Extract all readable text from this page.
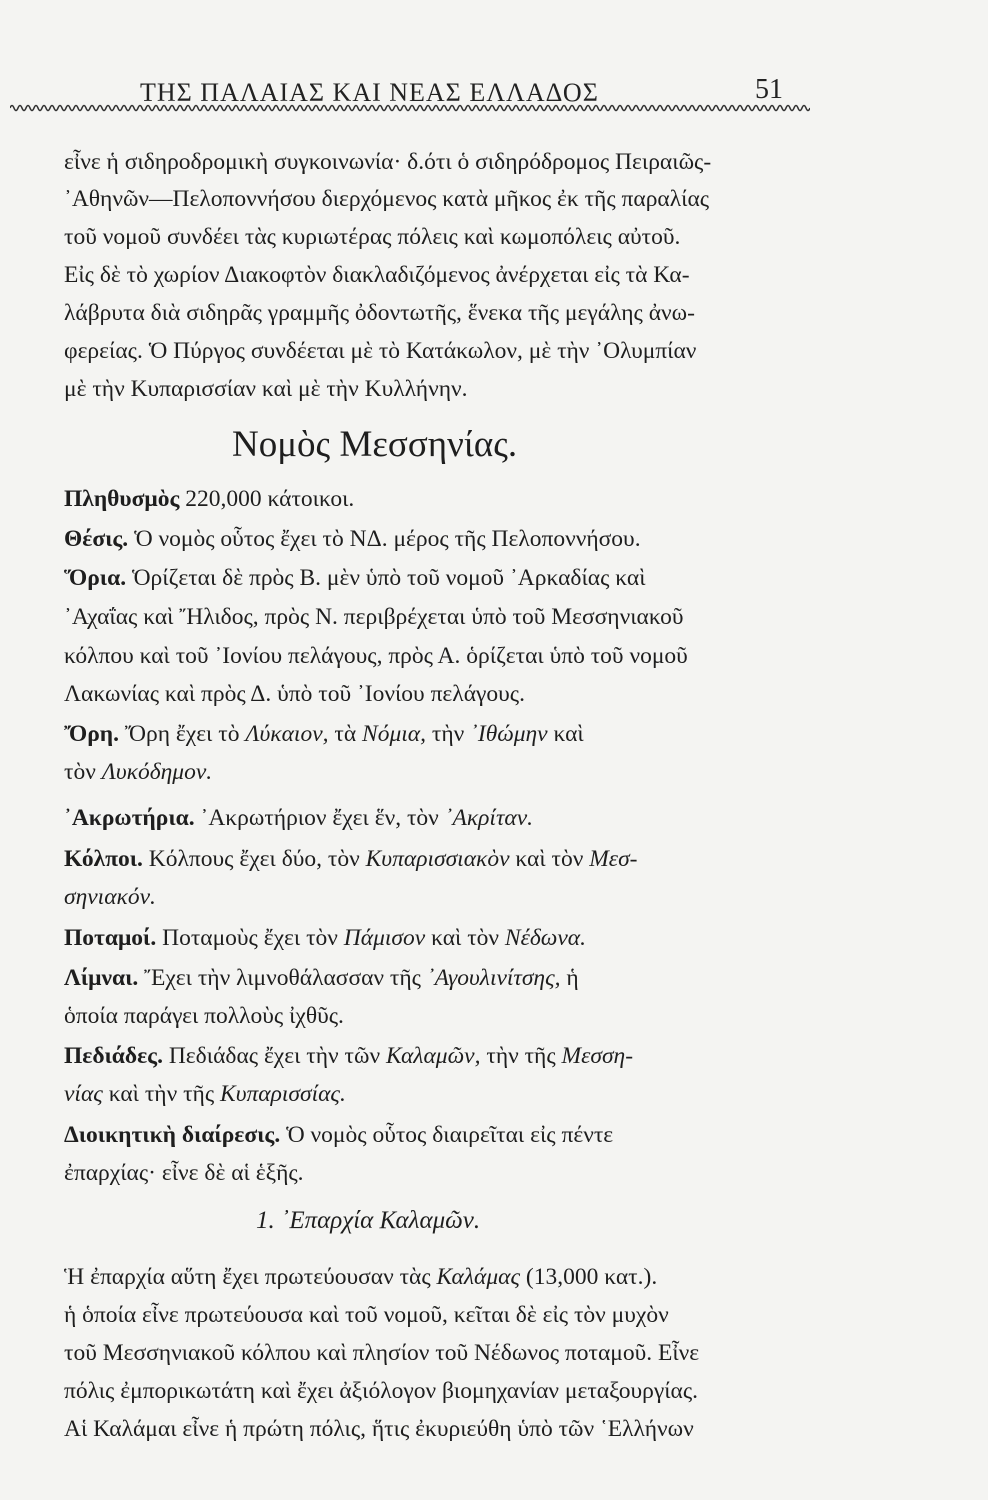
ΤΗΣ ΠΑΛΑΙΑΣ ΚΑΙ ΝΕΑΣ ΕΛΛΑΔΟΣ	51
εἶνε ἡ σιδηροδρομικὴ συγκοινωνία· δ.ότι ὁ σιδηρόδρομος Πειραιῶς-
᾿Αθηνῶν—Πελοποννήσου διερχόμενος κατὰ μῆκος ἐκ τῆς παραλίας
τοῦ νομοῦ συνδέει τὰς κυριωτέρας πόλεις καὶ κωμοπόλεις αὐτοῦ.
Εἰς δὲ τὸ χωρίον Διακοφτὸν διακλαδιζόμενος ἀνέρχεται εἰς τὰ Κα-
λάβρυτα διὰ σιδηρᾶς γραμμῆς ὀδοντωτῆς, ἕνεκα τῆς μεγάλης ἀνω-
φερείας. Ὁ Πύργος συνδέεται μὲ τὸ Κατάκωλον, μὲ τὴν ᾿Ολυμπίαν
μὲ τὴν Κυπαρισσίαν καὶ μὲ τὴν Κυλλήνην.
Νομὸς Μεσσηνίας.
Πληθυσμὸς 220,000 κάτοικοι.
Θέσις. Ὁ νομὸς οὗτος ἔχει τὸ ΝΔ. μέρος τῆς Πελοποννήσου.
Ὅρια. Ὁρίζεται δὲ πρὸς Β. μὲν ὑπὸ τοῦ νομοῦ ᾿Αρκαδίας καὶ
᾿Αχαΐας καὶ Ἤλιδος, πρὸς Ν. περιβρέχεται ὑπὸ τοῦ Μεσσηνιακοῦ
κόλπου καὶ τοῦ ᾿Ιονίου πελάγους, πρὸς Α. ὁρίζεται ὑπὸ τοῦ νομοῦ
Λακωνίας καὶ πρὸς Δ. ὑπὸ τοῦ ᾿Ιονίου πελάγους.
Ὄρη. Ὄρη ἔχει τὸ Λύκαιον, τὰ Νόμια, τὴν ᾿Ιθώμην καὶ
τὸν Λυκόδημον.
᾿Ακρωτήρια. ᾿Ακρωτήριον ἔχει ἕν, τὸν ᾿Ακρίταν.
Κόλποι. Κόλπους ἔχει δύο, τὸν Κυπαρισσιακὸν καὶ τὸν Μεσ-
σηνιακόν.
Ποταμοί. Ποταμοὺς ἔχει τὸν Πάμισον καὶ τὸν Νέδωνα.
Λίμναι. Ἔχει τὴν λιμνοθάλασσαν τῆς ᾿Αγουλινίτσης, ἡ
ὁποία παράγει πολλοὺς ἰχθῦς.
Πεδιάδες. Πεδιάδας ἔχει τὴν τῶν Καλαμῶν, τὴν τῆς Μεσση-
νίας καὶ τὴν τῆς Κυπαρισσίας.
Διοικητικὴ διαίρεσις. Ὁ νομὸς οὗτος διαιρεῖται εἰς πέντε
ἐπαρχίας· εἶνε δὲ αἱ ἑξῆς.
1. ᾿Επαρχία Καλαμῶν.
Ἡ ἐπαρχία αὕτη ἔχει πρωτεύουσαν τὰς Καλάμας (13,000 κατ.).
ἡ ὁποία εἶνε πρωτεύουσα καὶ τοῦ νομοῦ, κεῖται δὲ εἰς τὸν μυχὸν
τοῦ Μεσσηνιακοῦ κόλπου καὶ πλησίον τοῦ Νέδωνος ποταμοῦ. Εἶνε
πόλις ἐμπορικωτάτη καὶ ἔχει ἀξιόλογον βιομηχανίαν μεταξουργίας.
Αἱ Καλάμαι εἶνε ἡ πρώτη πόλις, ἥτις ἐκυριεύθη ὑπὸ τῶν ῾Ελλήνων
